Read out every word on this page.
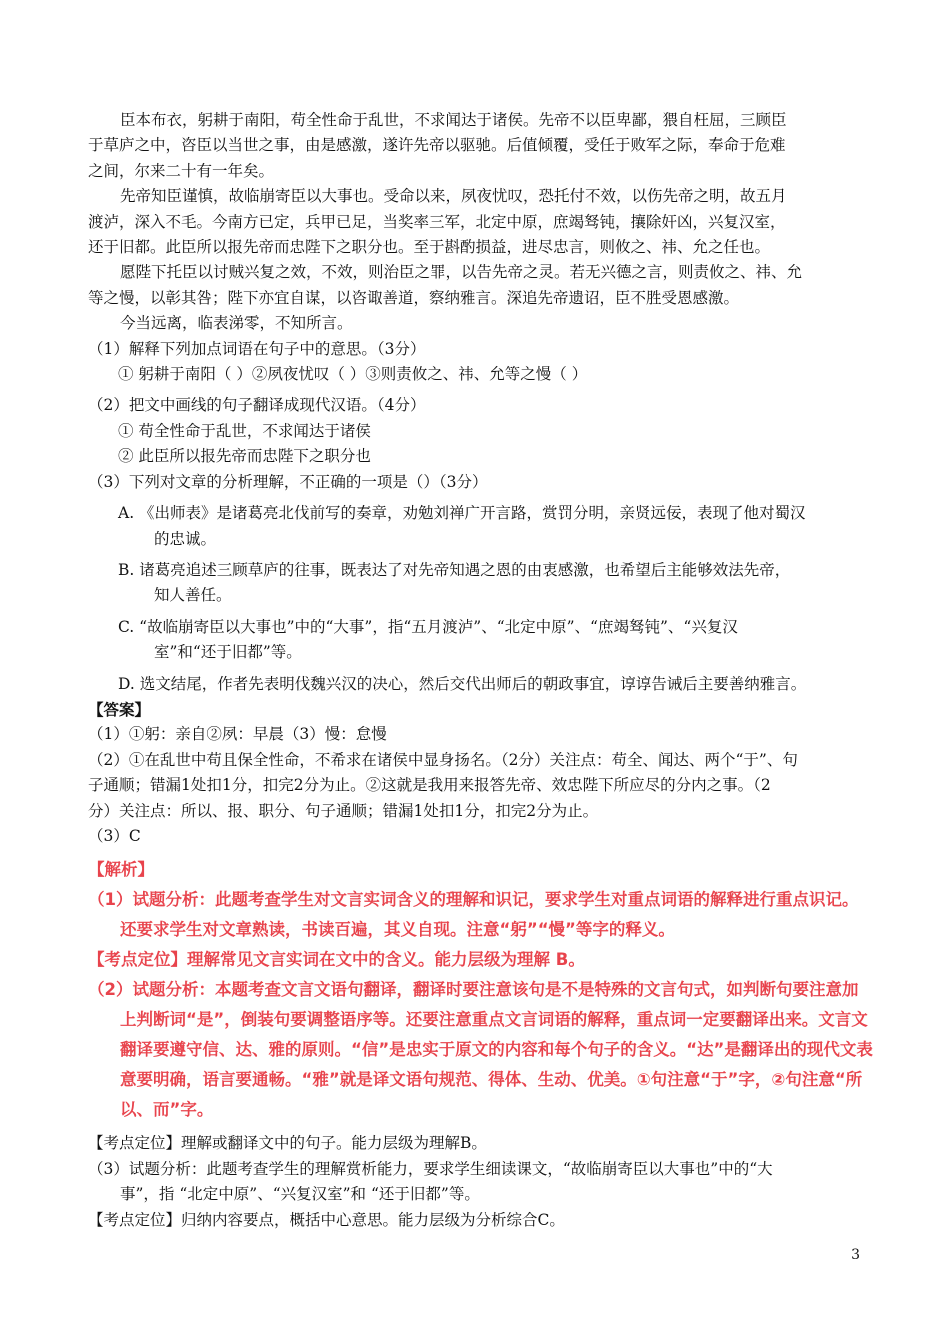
臣本布衣，躬耕于南阳，苟全性命于乱世，不求闻达于诸侯。先帝不以臣卑鄙，猥自枉屈，三顾臣
于草庐之中，咨臣以当世之事，由是感激，遂许先帝以驱驰。后值倾覆，受任于败军之际，奉命于危难
之间，尔来二十有一年矣。
先帝知臣谨慎，故临崩寄臣以大事也。受命以来，夙夜忧叹，恐托付不效，以伤先帝之明，故五月
渡泸，深入不毛。今南方已定，兵甲已足，当奖率三军，北定中原，庶竭驽钝，攘除奸凶，兴复汉室，
还于旧都。此臣所以报先帝而忠陛下之职分也。至于斟酌损益，进尽忠言，则攸之、祎、允之任也。
愿陛下托臣以讨贼兴复之效，不效，则治臣之罪，以告先帝之灵。若无兴德之言，则责攸之、祎、允
等之慢，以彰其咎；陛下亦宜自谋，以咨诹善道，察纳雅言。深追先帝遗诏，臣不胜受恩感激。
今当远离，临表涕零，不知所言。
（1）解释下列加点词语在句子中的意思。（3分）
① 躬耕于南阳（ ）②夙夜忧叹（ ）③则责攸之、祎、允等之慢（ ）
（2）把文中画线的句子翻译成现代汉语。（4分）
① 苟全性命于乱世，不求闻达于诸侯
② 此臣所以报先帝而忠陛下之职分也
（3）下列对文章的分析理解，不正确的一项是（）（3分）
A. 《出师表》是诸葛亮北伐前写的奏章，劝勉刘禅广开言路，赏罚分明，亲贤远佞，表现了他对蜀汉
的忠诚。
B. 诸葛亮追述三顾草庐的往事，既表达了对先帝知遇之恩的由衷感激，也希望后主能够效法先帝，
知人善任。
C. “故临崩寄臣以大事也”中的“大事”，指“五月渡泸”、“北定中原”、“庶竭驽钝”、“兴复汉
室”和“还于旧都”等。
D. 选文结尾，作者先表明伐魏兴汉的决心，然后交代出师后的朝政事宜，谆谆告诫后主要善纳雅言。
【答案】
（1）①躬：亲自②夙：早晨（3）慢：怠慢
（2）①在乱世中苟且保全性命，不希求在诸侯中显身扬名。（2分）关注点：苟全、闻达、两个“于”、句
子通顺；错漏1处扣1分，扣完2分为止。②这就是我用来报答先帝、效忠陛下所应尽的分内之事。（2
分）关注点：所以、报、职分、句子通顺；错漏1处扣1分，扣完2分为止。
（3）C
【解析】
（1）试题分析：此题考查学生对文言实词含义的理解和识记，要求学生对重点词语的解释进行重点识记。
还要求学生对文章熟读，书读百遍，其义自现。注意“躬”“慢”等字的释义。
【考点定位】理解常见文言实词在文中的含义。能力层级为理解 B。
（2）试题分析：本题考查文言文语句翻译，翻译时要注意该句是不是特殊的文言句式，如判断句要注意加
上判断词“是”，倒装句要调整语序等。还要注意重点文言词语的解释，重点词一定要翻译出来。文言文
翻译要遵守信、达、雅的原则。“信”是忠实于原文的内容和每个句子的含义。“达”是翻译出的现代文表
意要明确，语言要通畅。“雅”就是译文语句规范、得体、生动、优美。①句注意“于”字，②句注意“所
以、而”字。
【考点定位】理解或翻译文中的句子。能力层级为理解B。
（3）试题分析：此题考查学生的理解赏析能力，要求学生细读课文，“故临崩寄臣以大事也”中的“大
事”，指 “北定中原”、“兴复汉室”和 “还于旧都”等。
【考点定位】归纳内容要点，概括中心意思。能力层级为分析综合C。
3
